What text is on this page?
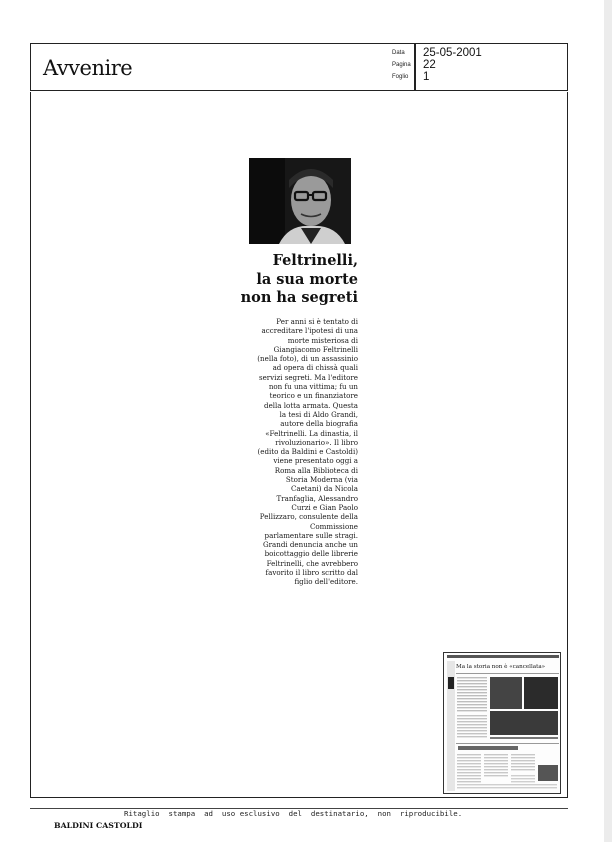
Avvenire
Data 25-05-2001
Pagina 22
Foglio 1
Feltrinelli,
la sua morte
non ha segreti
Per anni si è tentato di
accreditare l'ipotesi di una
morte misteriosa di
Giangiacomo Feltrinelli
(nella foto), di un assassinio
ad opera di chissà quali
servizi segreti. Ma l'editore
non fu una vittima; fu un
teorico e un finanziatore
della lotta armata. Questa
la tesi di Aldo Grandi,
autore della biografia
«Feltrinelli. La dinastia, il
rivoluzionario». Il libro
(edito da Baldini e Castoldi)
viene presentato oggi a
Roma alla Biblioteca di
Storia Moderna (via
Caetani) da Nicola
Tranfaglia, Alessandro
Curzi e Gian Paolo
Pellizzaro, consulente della
Commissione
parlamentare sulle stragi.
Grandi denuncia anche un
boicottaggio delle librerie
Feltrinelli, che avrebbero
favorito il libro scritto dal
figlio dell'editore.
Ma la storia non è «cancellata»
Ritaglio  stampa  ad  uso esclusivo  del  destinatario,  non  riproducibile.
BALDINI CASTOLDI
